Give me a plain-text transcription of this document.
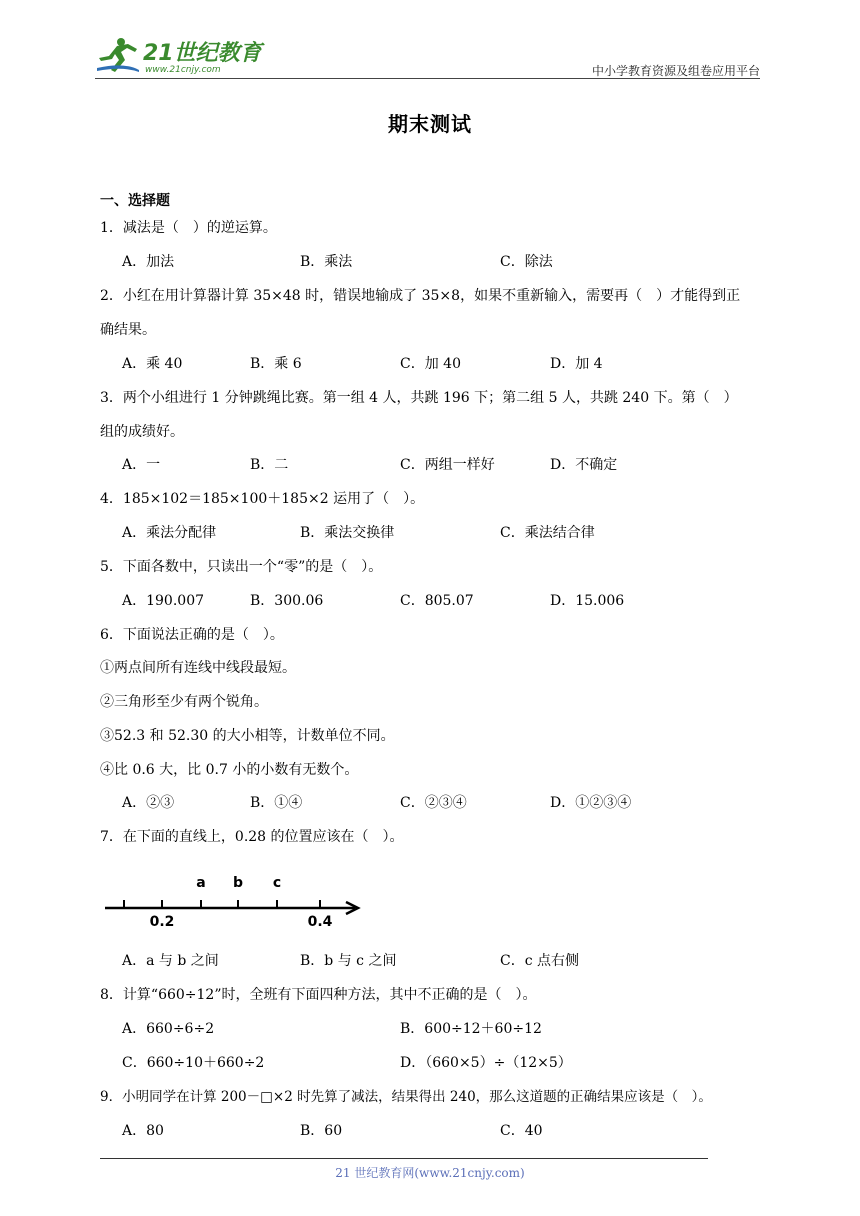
21世纪教育
www.21cnjy.com	中小学教育资源及组卷应用平台
期末测试
一、选择题
1．减法是（　）的逆运算。
A．加法	B．乘法	C．除法
2．小红在用计算器计算 35×48 时，错误地输成了 35×8，如果不重新输入，需要再（　）才能得到正
确结果。
A．乘 40	B．乘 6	C．加 40	D．加 4
3．两个小组进行 1 分钟跳绳比赛。第一组 4 人，共跳 196 下；第二组 5 人，共跳 240 下。第（　）
组的成绩好。
A．一	B．二	C．两组一样好	D．不确定
4．185×102＝185×100＋185×2 运用了（　）。
A．乘法分配律	B．乘法交换律	C．乘法结合律
5．下面各数中，只读出一个“零”的是（　）。
A．190.007	B．300.06	C．805.07	D．15.006
6．下面说法正确的是（　）。
①两点间所有连线中线段最短。
②三角形至少有两个锐角。
③52.3 和 52.30 的大小相等，计数单位不同。
④比 0.6 大，比 0.7 小的小数有无数个。
A．②③	B．①④	C．②③④	D．①②③④
7．在下面的直线上，0.28 的位置应该在（　）。
a b c
0.2	0.4
A．a 与 b 之间	B．b 与 c 之间	C．c 点右侧
8．计算“660÷12”时，全班有下面四种方法，其中不正确的是（　）。
A．660÷6÷2	B．600÷12＋60÷12
C．660÷10＋660÷2	D．（660×5）÷（12×5）
9．小明同学在计算 200－□×2 时先算了减法，结果得出 240，那么这道题的正确结果应该是（　）。
A．80	B．60	C．40
21 世纪教育网(www.21cnjy.com)
